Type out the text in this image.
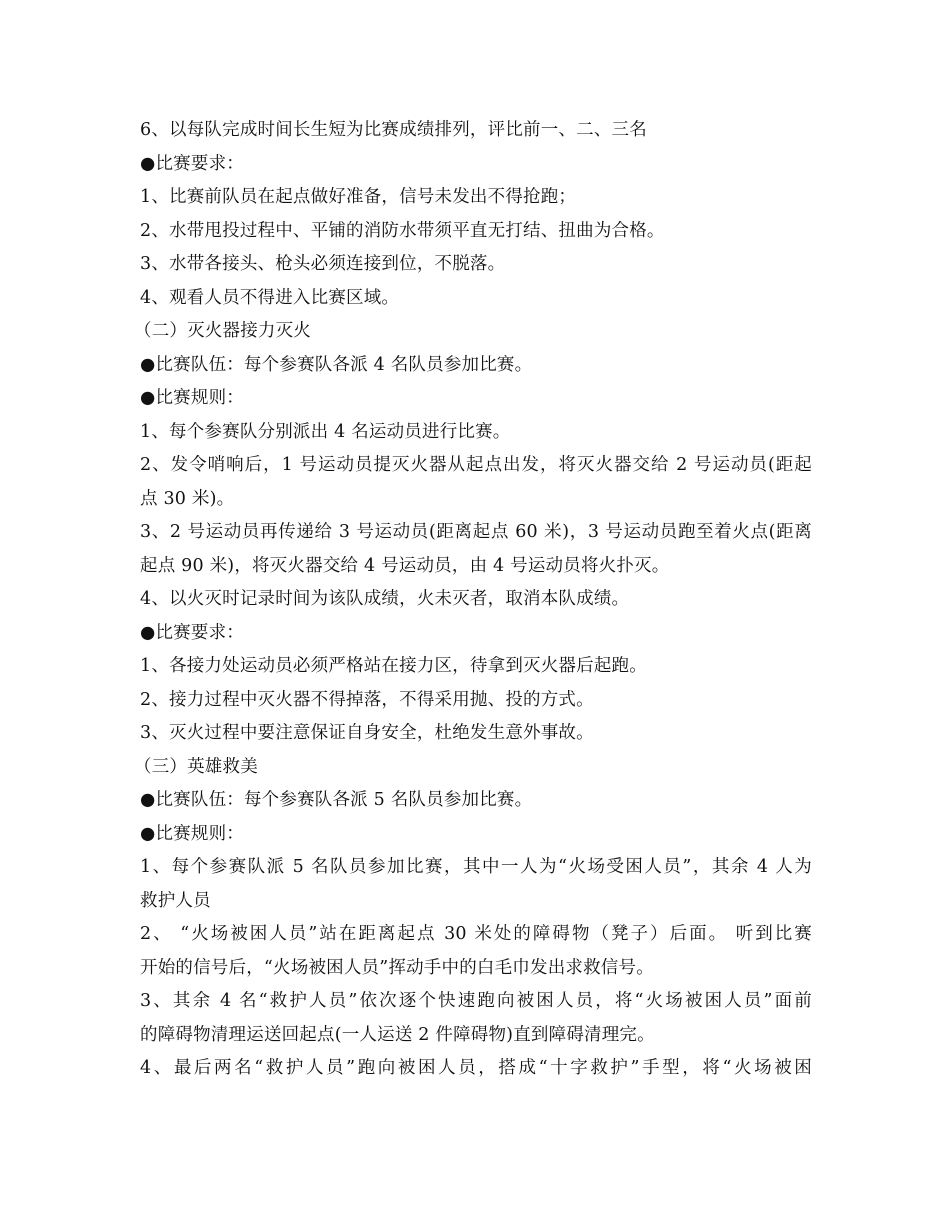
6、以每队完成时间长生短为比赛成绩排列，评比前一、二、三名
●比赛要求：
1、比赛前队员在起点做好准备，信号未发出不得抢跑；
2、水带甩投过程中、平铺的消防水带须平直无打结、扭曲为合格。
3、水带各接头、枪头必须连接到位，不脱落。
4、观看人员不得进入比赛区域。
（二）灭火器接力灭火
●比赛队伍：每个参赛队各派 4 名队员参加比赛。
●比赛规则：
1、每个参赛队分别派出 4 名运动员进行比赛。
2、发令哨响后，1 号运动员提灭火器从起点出发，将灭火器交给 2 号运动员(距起
点 30 米)。
3、2 号运动员再传递给 3 号运动员(距离起点 60 米)，3 号运动员跑至着火点(距离
起点 90 米)，将灭火器交给 4 号运动员，由 4 号运动员将火扑灭。
4、以火灭时记录时间为该队成绩，火未灭者，取消本队成绩。
●比赛要求：
1、各接力处运动员必须严格站在接力区，待拿到灭火器后起跑。
2、接力过程中灭火器不得掉落，不得采用抛、投的方式。
3、灭火过程中要注意保证自身安全，杜绝发生意外事故。
（三）英雄救美
●比赛队伍：每个参赛队各派 5 名队员参加比赛。
●比赛规则：
1、每个参赛队派 5 名队员参加比赛，其中一人为“火场受困人员”，其余 4 人为
救护人员
2、 “火场被困人员”站在距离起点 30 米处的障碍物（凳子）后面。 听到比赛
开始的信号后，“火场被困人员”挥动手中的白毛巾发出求救信号。
3、其余 4 名“救护人员”依次逐个快速跑向被困人员，将“火场被困人员”面前
的障碍物清理运送回起点(一人运送 2 件障碍物)直到障碍清理完。
4、最后两名“救护人员”跑向被困人员，搭成“十字救护”手型，将“火场被困
